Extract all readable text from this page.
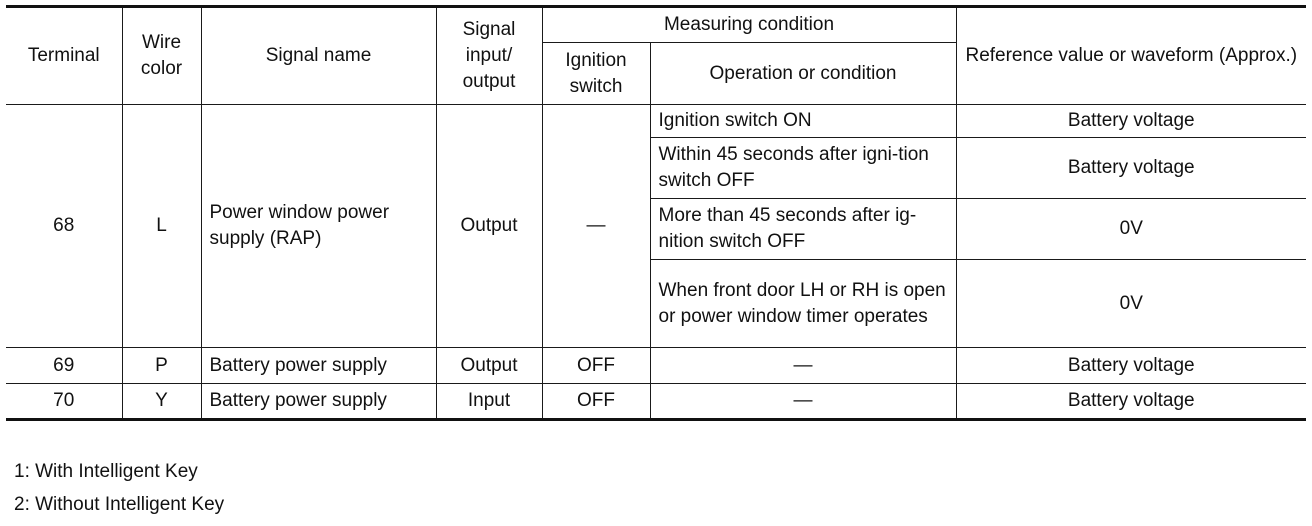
Terminal	Wire color	Signal name	Signal input/ output	Measuring condition		Reference value or waveform (Approx.)
				Ignition switch	Operation or condition	
68	L	Power window power supply (RAP)	Output	—	Ignition switch ON	Battery voltage
					Within 45 seconds after igni-tion switch OFF	Battery voltage
					More than 45 seconds after ig-nition switch OFF	0V
					When front door LH or RH is open or power window timer operates	0V
69	P	Battery power supply	Output	OFF	—	Battery voltage
70	Y	Battery power supply	Input	OFF	—	Battery voltage
1: With Intelligent Key
2: Without Intelligent Key
